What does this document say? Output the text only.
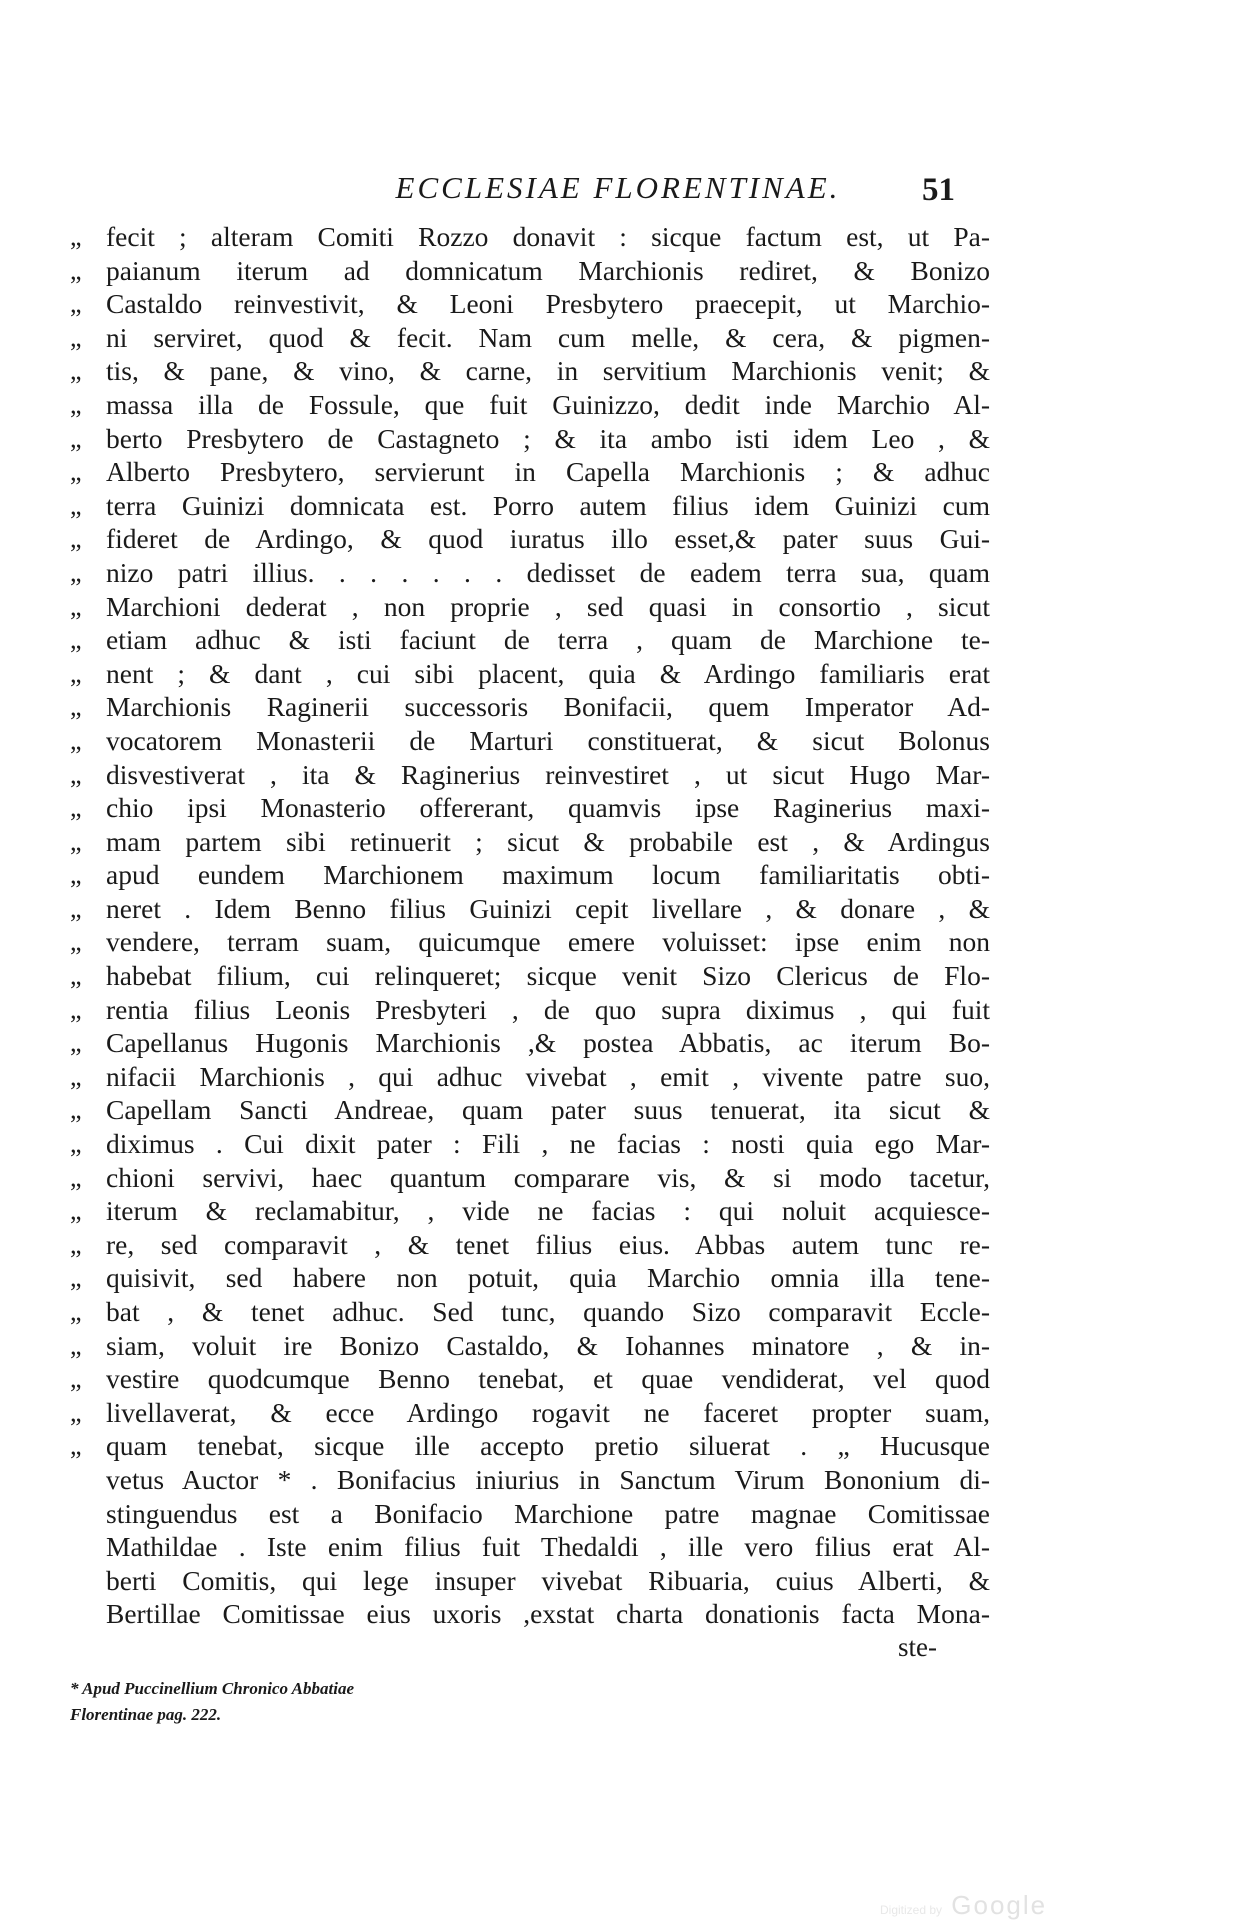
ECCLESIAE FLORENTINAE.	51
„ fecit ; alteram Comiti Rozzo donavit : sicque factum est, ut Pa-
„ paianum iterum ad domnicatum Marchionis rediret, & Bonizo
„ Castaldo reinvestivit, & Leoni Presbytero praecepit, ut Marchio-
„ ni serviret, quod & fecit. Nam cum melle, & cera, & pigmen-
„ tis, & pane, & vino, & carne, in servitium Marchionis venit; &
„ massa illa de Fossule, que fuit Guinizzo, dedit inde Marchio Al-
„ berto Presbytero de Castagneto ; & ita ambo isti idem Leo , &
„ Alberto Presbytero, servierunt in Capella Marchionis ; & adhuc
„ terra Guinizi domnicata est. Porro autem filius idem Guinizi cum
„ fideret de Ardingo, & quod iuratus illo esset,& pater suus Gui-
„ nizo patri illius. . . . . . . dedisset de eadem terra sua, quam
„ Marchioni dederat , non proprie , sed quasi in consortio , sicut
„ etiam adhuc & isti faciunt de terra , quam de Marchione te-
„ nent ; & dant , cui sibi placent, quia & Ardingo familiaris erat
„ Marchionis Raginerii successoris Bonifacii, quem Imperator Ad-
„ vocatorem Monasterii de Marturi constituerat, & sicut Bolonus
„ disvestiverat , ita & Raginerius reinvestiret , ut sicut Hugo Mar-
„ chio ipsi Monasterio offererant, quamvis ipse Raginerius maxi-
„ mam partem sibi retinuerit ; sicut & probabile est , & Ardingus
„ apud eundem Marchionem maximum locum familiaritatis obti-
„ neret . Idem Benno filius Guinizi cepit livellare , & donare , &
„ vendere, terram suam, quicumque emere voluisset: ipse enim non
„ habebat filium, cui relinqueret; sicque venit Sizo Clericus de Flo-
„ rentia filius Leonis Presbyteri , de quo supra diximus , qui fuit
„ Capellanus Hugonis Marchionis ,& postea Abbatis, ac iterum Bo-
„ nifacii Marchionis , qui adhuc vivebat , emit , vivente patre suo,
„ Capellam Sancti Andreae, quam pater suus tenuerat, ita sicut &
„ diximus . Cui dixit pater : Fili , ne facias : nosti quia ego Mar-
„ chioni servivi, haec quantum comparare vis, & si modo tacetur,
„ iterum & reclamabitur, , vide ne facias : qui noluit acquiesce-
„ re, sed comparavit , & tenet filius eius. Abbas autem tunc re-
„ quisivit, sed habere non potuit, quia Marchio omnia illa tene-
„ bat , & tenet adhuc. Sed tunc, quando Sizo comparavit Eccle-
„ siam, voluit ire Bonizo Castaldo, & Iohannes minatore , & in-
„ vestire quodcumque Benno tenebat, et quae vendiderat, vel quod
„ livellaverat, & ecce Ardingo rogavit ne faceret propter suam,
„ quam tenebat, sicque ille accepto pretio siluerat . „ Hucusque
vetus Auctor * . Bonifacius iniurius in Sanctum Virum Bononium di-
stinguendus est a Bonifacio Marchione patre magnae Comitissae
Mathildae . Iste enim filius fuit Thedaldi , ille vero filius erat Al-
berti Comitis, qui lege insuper vivebat Ribuaria, cuius Alberti, &
Bertillae Comitissae eius uxoris ,exstat charta donationis facta Mona-
ste-
* Apud Puccinellium Chronico Abbatiae
Florentinae pag. 222.
Digitized by Google
